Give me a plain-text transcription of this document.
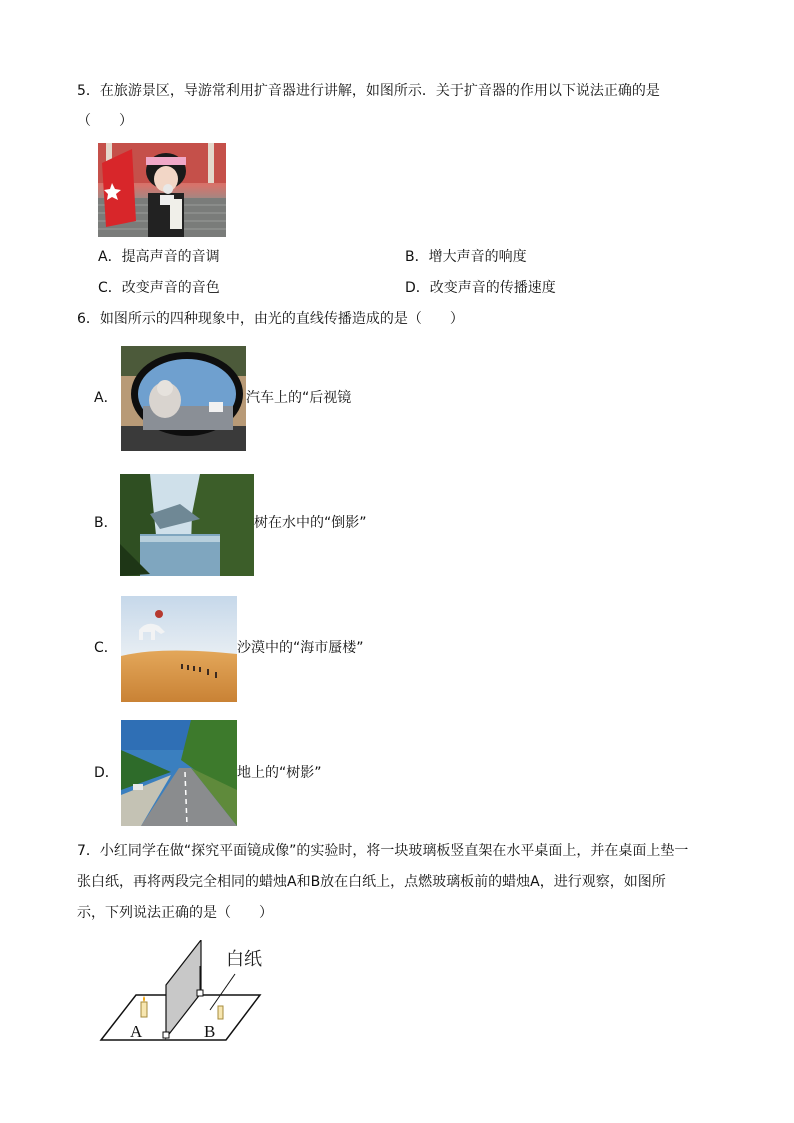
5．在旅游景区，导游常利用扩音器进行讲解，如图所示．关于扩音器的作用以下说法正确的是
（　　）
A．提高声音的音调	B．增大声音的响度
C．改变声音的音色	D．改变声音的传播速度
6．如图所示的四种现象中，由光的直线传播造成的是（　　）
A．	汽车上的“后视镜
B．	树在水中的“倒影”
C．	沙漠中的“海市蜃楼”
D．	地上的“树影”
7．小红同学在做“探究平面镜成像”的实验时，将一块玻璃板竖直架在水平桌面上，并在桌面上垫一
张白纸，再将两段完全相同的蜡烛A和B放在白纸上，点燃玻璃板前的蜡烛A，进行观察，如图所
示，下列说法正确的是（　　）
白纸
A	B
